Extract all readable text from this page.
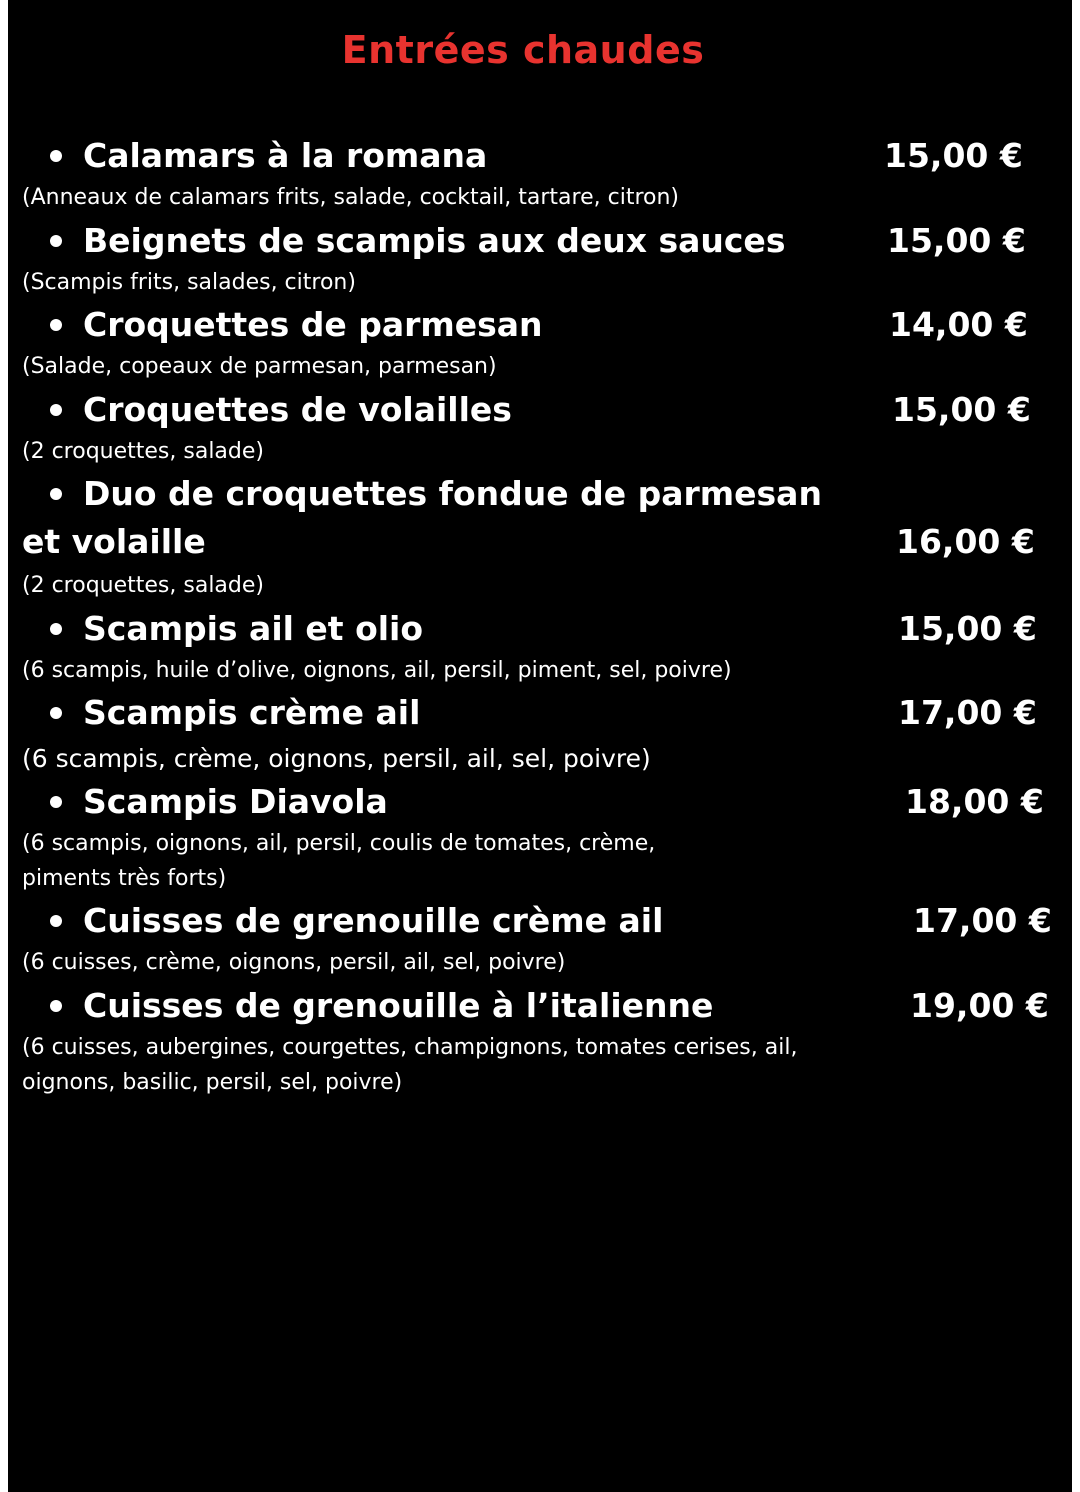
Entrées chaudes
Calamars à la romana	15,00 €
(Anneaux de calamars frits, salade, cocktail, tartare, citron)
Beignets de scampis aux deux sauces	15,00 €
(Scampis frits, salades, citron)
Croquettes de parmesan	14,00 €
(Salade, copeaux de parmesan, parmesan)
Croquettes de volailles	15,00 €
(2 croquettes, salade)
Duo de croquettes fondue de parmesan
et volaille	16,00 €
(2 croquettes, salade)
Scampis ail et olio	15,00 €
(6 scampis, huile d’olive, oignons, ail, persil, piment, sel, poivre)
Scampis crème ail	17,00 €
(6 scampis, crème, oignons, persil, ail, sel, poivre)
Scampis Diavola	18,00 €
(6 scampis, oignons, ail, persil, coulis de tomates, crème,
piments très forts)
Cuisses de grenouille crème ail	17,00 €
(6 cuisses, crème, oignons, persil, ail, sel, poivre)
Cuisses de grenouille à l’italienne	19,00 €
(6 cuisses, aubergines, courgettes, champignons, tomates cerises, ail,
oignons, basilic, persil, sel, poivre)
